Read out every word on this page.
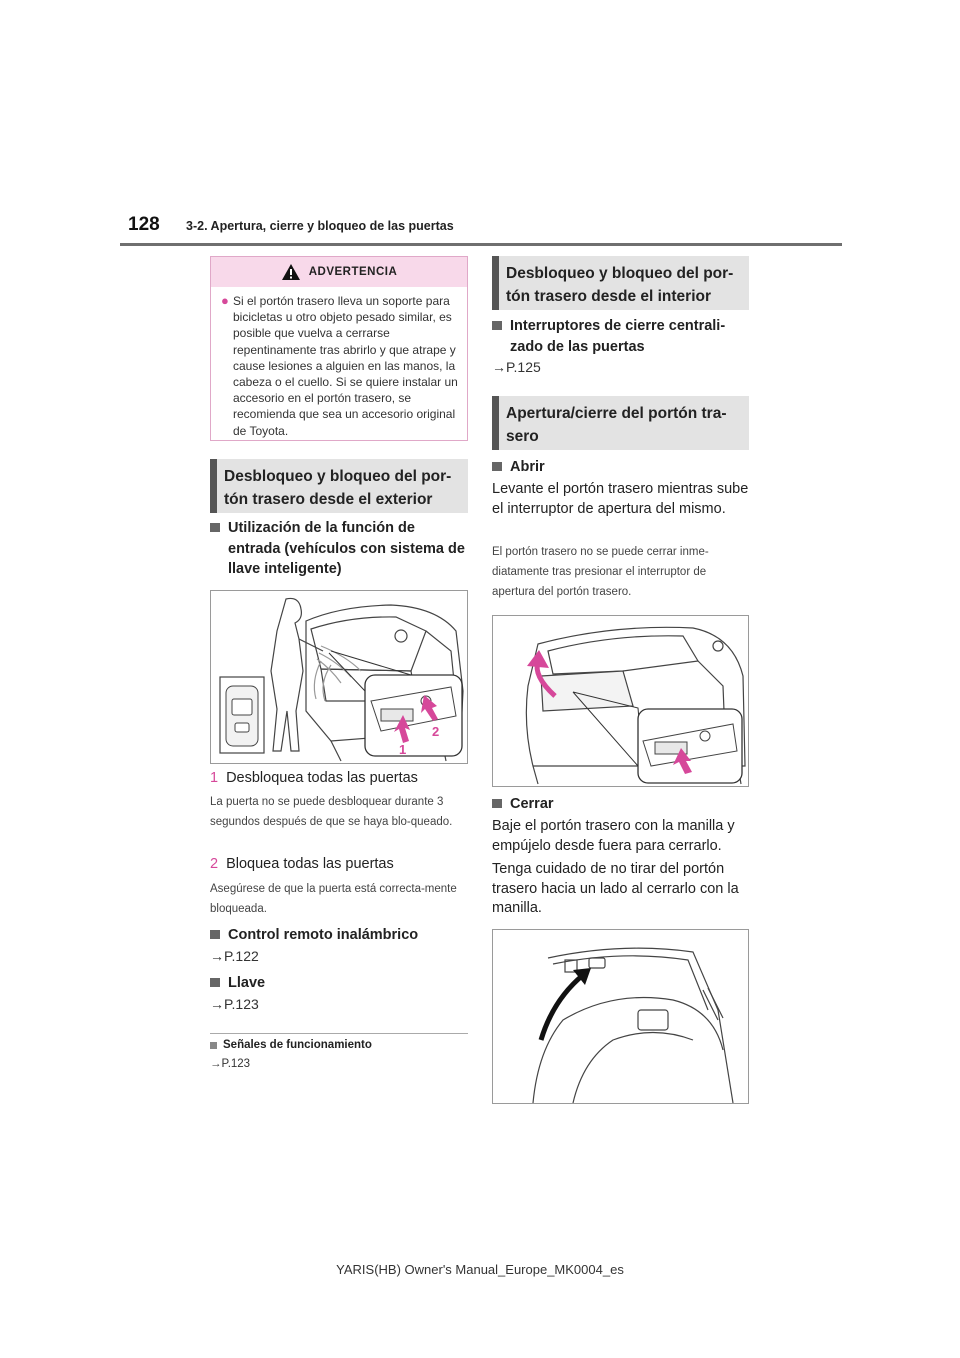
128 3-2. Apertura, cierre y bloqueo de las puertas
ADVERTENCIA
● Si el portón trasero lleva un soporte para bicicletas u otro objeto pesado similar, es posible que vuelva a cerrarse repentinamente tras abrirlo y que atrape y cause lesiones a alguien en las manos, la cabeza o el cuello. Si se quiere instalar un accesorio en el portón trasero, se recomienda que sea un accesorio original de Toyota.
Desbloqueo y bloqueo del por-tón trasero desde el exterior
Utilización de la función de entrada (vehículos con sistema de llave inteligente)
1
2
1 Desbloquea todas las puertas
La puerta no se puede desbloquear durante 3 segundos después de que se haya blo-queado.
2 Bloquea todas las puertas
Asegúrese de que la puerta está correcta-mente bloqueada.
Control remoto inalámbrico
→P.122
Llave
→P.123
Señales de funcionamiento
→P.123
Desbloqueo y bloqueo del por-tón trasero desde el interior
Interruptores de cierre centrali-zado de las puertas
→P.125
Apertura/cierre del portón tra-sero
Abrir
Levante el portón trasero mientras sube el interruptor de apertura del mismo.
El portón trasero no se puede cerrar inme-diatamente tras presionar el interruptor de apertura del portón trasero.
Cerrar
Baje el portón trasero con la manilla y empújelo desde fuera para cerrarlo.
Tenga cuidado de no tirar del portón trasero hacia un lado al cerrarlo con la manilla.
YARIS(HB) Owner's Manual_Europe_MK0004_es
